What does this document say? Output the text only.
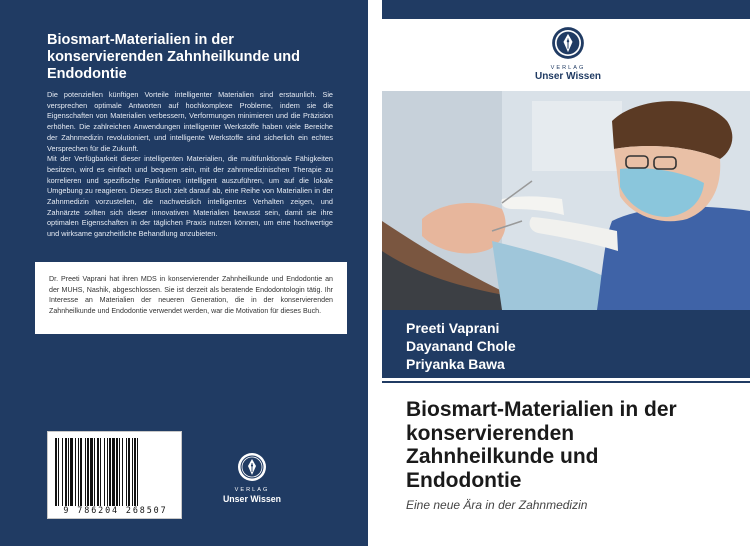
Biosmart-Materialien in der konservierenden Zahnheilkunde und Endodontie

Die potenziellen künftigen Vorteile intelligenter Materialien sind erstaunlich. Sie versprechen optimale Antworten auf hochkomplexe Probleme, indem sie die Eigenschaften von Materialien verbessern, Verformungen minimieren und die Präzision erhöhen. Die zahlreichen Anwendungen intelligenter Werkstoffe haben viele Bereiche der Zahnmedizin revolutioniert, und intelligente Werkstoffe sind sicherlich ein echtes Versprechen für die Zukunft.

Mit der Verfügbarkeit dieser intelligenten Materialien, die multifunktionale Fähigkeiten besitzen, wird es einfach und bequem sein, mit der zahnmedizinischen Therapie zu korrelieren und spezifische Funktionen intelligent auszuführen, um auf die lokale Umgebung zu reagieren. Dieses Buch zielt darauf ab, eine Reihe von Materialien in der Zahnmedizin vorzustellen, die nachweislich intelligentes Verhalten zeigen, und Zahnärzte sollten sich dieser innovativen Materialien bewusst sein, damit sie ihre optimalen Eigenschaften in der täglichen Praxis nutzen können, um eine hochwertige und wirksame ganzheitliche Behandlung anzubieten.

Dr. Preeti Vaprani hat ihren MDS in konservierender Zahnheilkunde und Endodontie an der MUHS, Nashik, abgeschlossen. Sie ist derzeit als beratende Endodontologin tätig. Ihr Interesse an Materialien der neueren Generation, die in der konservierenden Zahnheilkunde und Endodontie verwendet werden, war die Motivation für dieses Buch.
9 786204 268507
VERLAG
Unser Wissen
VERLAG
Unser Wissen
Preeti Vaprani
Dayanand Chole
Priyanka Bawa
Biosmart-Materialien in der konservierenden Zahnheilkunde und Endodontie
Eine neue Ära in der Zahnmedizin
